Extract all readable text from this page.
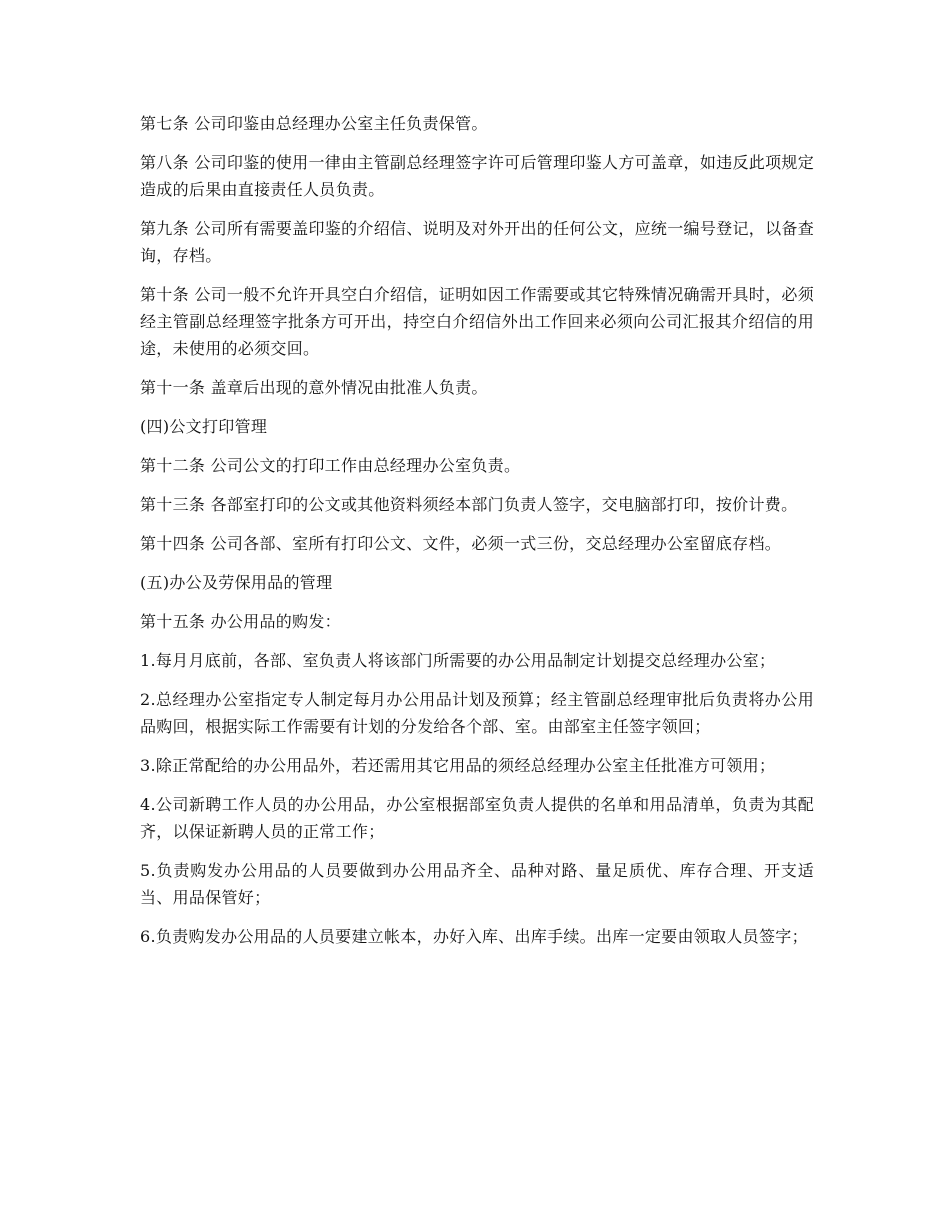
第七条 公司印鉴由总经理办公室主任负责保管。

第八条 公司印鉴的使用一律由主管副总经理签字许可后管理印鉴人方可盖章，如违反此项规定造成的后果由直接责任人员负责。

第九条 公司所有需要盖印鉴的介绍信、说明及对外开出的任何公文，应统一编号登记，以备查询，存档。

第十条 公司一般不允许开具空白介绍信，证明如因工作需要或其它特殊情况确需开具时，必须经主管副总经理签字批条方可开出，持空白介绍信外出工作回来必须向公司汇报其介绍信的用途，未使用的必须交回。

第十一条 盖章后出现的意外情况由批准人负责。

(四)公文打印管理

第十二条 公司公文的打印工作由总经理办公室负责。

第十三条 各部室打印的公文或其他资料须经本部门负责人签字，交电脑部打印，按价计费。

第十四条 公司各部、室所有打印公文、文件，必须一式三份，交总经理办公室留底存档。

(五)办公及劳保用品的管理

第十五条 办公用品的购发：

1.每月月底前，各部、室负责人将该部门所需要的办公用品制定计划提交总经理办公室；

2.总经理办公室指定专人制定每月办公用品计划及预算；经主管副总经理审批后负责将办公用品购回，根据实际工作需要有计划的分发给各个部、室。由部室主任签字领回；

3.除正常配给的办公用品外，若还需用其它用品的须经总经理办公室主任批准方可领用；

4.公司新聘工作人员的办公用品，办公室根据部室负责人提供的名单和用品清单，负责为其配齐，以保证新聘人员的正常工作；

5.负责购发办公用品的人员要做到办公用品齐全、品种对路、量足质优、库存合理、开支适当、用品保管好；

6.负责购发办公用品的人员要建立帐本，办好入库、出库手续。出库一定要由领取人员签字；
